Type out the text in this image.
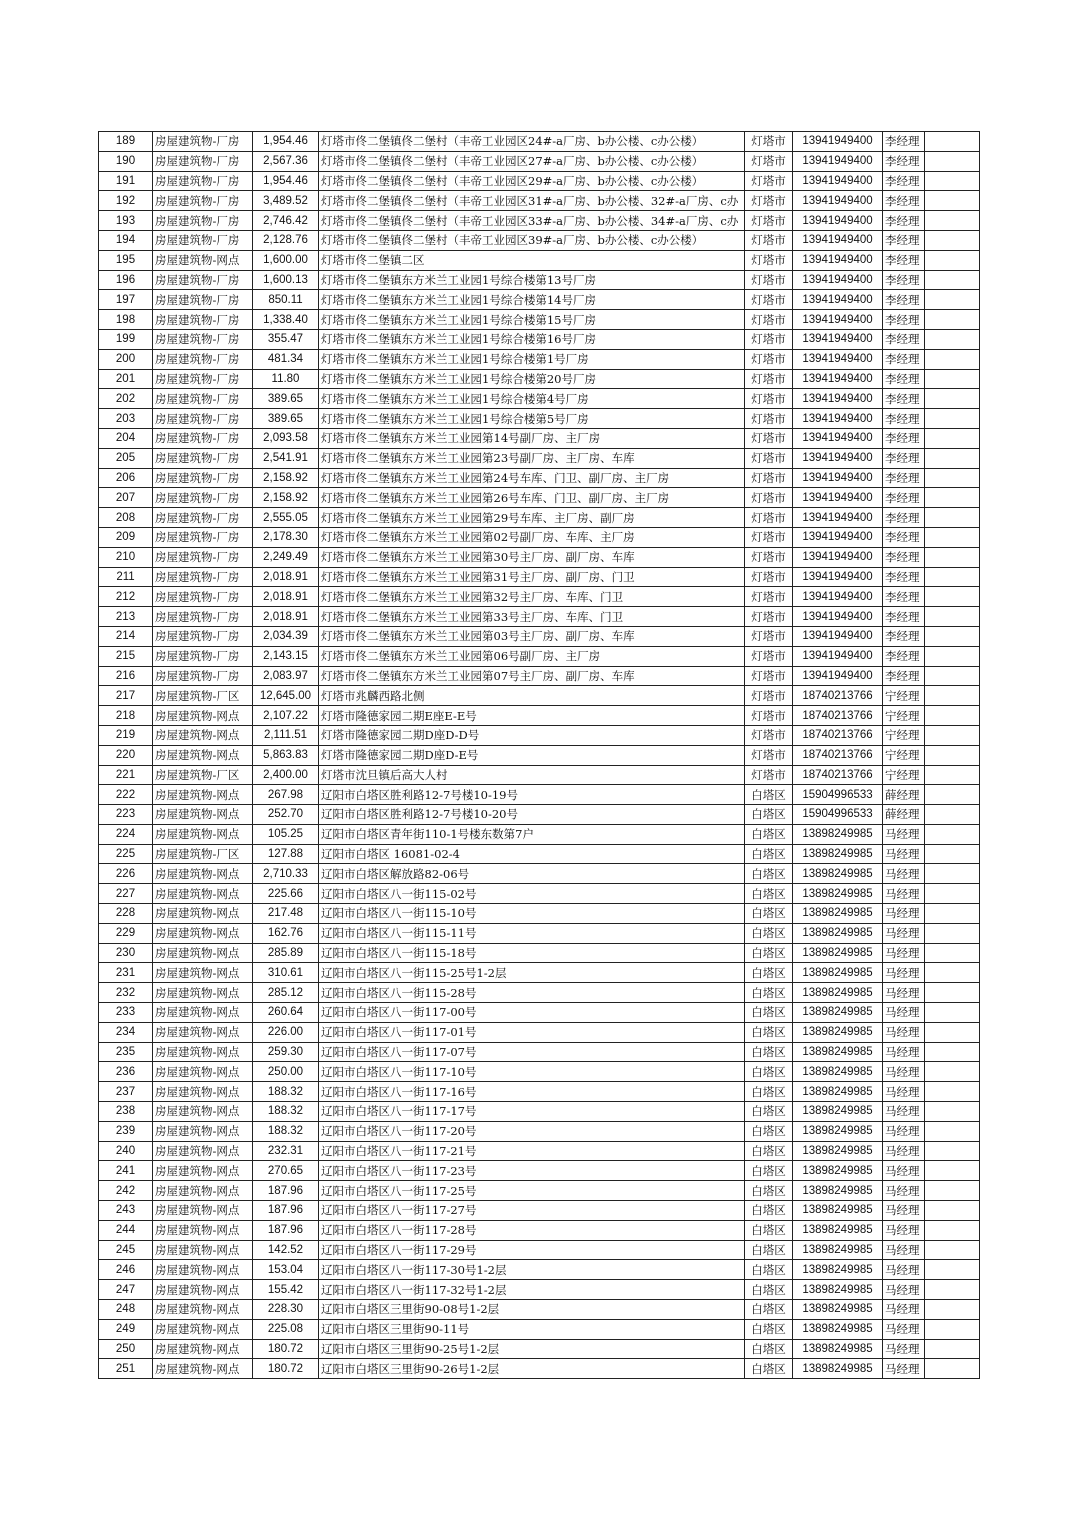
189	房屋建筑物-厂房	1,954.46	灯塔市佟二堡镇佟二堡村（丰帝工业园区24#-a厂房、b办公楼、c办公楼）	灯塔市	13941949400	李经理	
190	房屋建筑物-厂房	2,567.36	灯塔市佟二堡镇佟二堡村（丰帝工业园区27#-a厂房、b办公楼、c办公楼）	灯塔市	13941949400	李经理	
191	房屋建筑物-厂房	1,954.46	灯塔市佟二堡镇佟二堡村（丰帝工业园区29#-a厂房、b办公楼、c办公楼）	灯塔市	13941949400	李经理	
192	房屋建筑物-厂房	3,489.52	灯塔市佟二堡镇佟二堡村（丰帝工业园区31#-a厂房、b办公楼、32#-a厂房、c办	灯塔市	13941949400	李经理	
193	房屋建筑物-厂房	2,746.42	灯塔市佟二堡镇佟二堡村（丰帝工业园区33#-a厂房、b办公楼、34#-a厂房、c办	灯塔市	13941949400	李经理	
194	房屋建筑物-厂房	2,128.76	灯塔市佟二堡镇佟二堡村（丰帝工业园区39#-a厂房、b办公楼、c办公楼）	灯塔市	13941949400	李经理	
195	房屋建筑物-网点	1,600.00	灯塔市佟二堡镇二区	灯塔市	13941949400	李经理	
196	房屋建筑物-厂房	1,600.13	灯塔市佟二堡镇东方米兰工业园1号综合楼第13号厂房	灯塔市	13941949400	李经理	
197	房屋建筑物-厂房	850.11	灯塔市佟二堡镇东方米兰工业园1号综合楼第14号厂房	灯塔市	13941949400	李经理	
198	房屋建筑物-厂房	1,338.40	灯塔市佟二堡镇东方米兰工业园1号综合楼第15号厂房	灯塔市	13941949400	李经理	
199	房屋建筑物-厂房	355.47	灯塔市佟二堡镇东方米兰工业园1号综合楼第16号厂房	灯塔市	13941949400	李经理	
200	房屋建筑物-厂房	481.34	灯塔市佟二堡镇东方米兰工业园1号综合楼第1号厂房	灯塔市	13941949400	李经理	
201	房屋建筑物-厂房	11.80	灯塔市佟二堡镇东方米兰工业园1号综合楼第20号厂房	灯塔市	13941949400	李经理	
202	房屋建筑物-厂房	389.65	灯塔市佟二堡镇东方米兰工业园1号综合楼第4号厂房	灯塔市	13941949400	李经理	
203	房屋建筑物-厂房	389.65	灯塔市佟二堡镇东方米兰工业园1号综合楼第5号厂房	灯塔市	13941949400	李经理	
204	房屋建筑物-厂房	2,093.58	灯塔市佟二堡镇东方米兰工业园第14号副厂房、主厂房	灯塔市	13941949400	李经理	
205	房屋建筑物-厂房	2,541.91	灯塔市佟二堡镇东方米兰工业园第23号副厂房、主厂房、车库	灯塔市	13941949400	李经理	
206	房屋建筑物-厂房	2,158.92	灯塔市佟二堡镇东方米兰工业园第24号车库、门卫、副厂房、主厂房	灯塔市	13941949400	李经理	
207	房屋建筑物-厂房	2,158.92	灯塔市佟二堡镇东方米兰工业园第26号车库、门卫、副厂房、主厂房	灯塔市	13941949400	李经理	
208	房屋建筑物-厂房	2,555.05	灯塔市佟二堡镇东方米兰工业园第29号车库、主厂房、副厂房	灯塔市	13941949400	李经理	
209	房屋建筑物-厂房	2,178.30	灯塔市佟二堡镇东方米兰工业园第02号副厂房、车库、主厂房	灯塔市	13941949400	李经理	
210	房屋建筑物-厂房	2,249.49	灯塔市佟二堡镇东方米兰工业园第30号主厂房、副厂房、车库	灯塔市	13941949400	李经理	
211	房屋建筑物-厂房	2,018.91	灯塔市佟二堡镇东方米兰工业园第31号主厂房、副厂房、门卫	灯塔市	13941949400	李经理	
212	房屋建筑物-厂房	2,018.91	灯塔市佟二堡镇东方米兰工业园第32号主厂房、车库、门卫	灯塔市	13941949400	李经理	
213	房屋建筑物-厂房	2,018.91	灯塔市佟二堡镇东方米兰工业园第33号主厂房、车库、门卫	灯塔市	13941949400	李经理	
214	房屋建筑物-厂房	2,034.39	灯塔市佟二堡镇东方米兰工业园第03号主厂房、副厂房、车库	灯塔市	13941949400	李经理	
215	房屋建筑物-厂房	2,143.15	灯塔市佟二堡镇东方米兰工业园第06号副厂房、主厂房	灯塔市	13941949400	李经理	
216	房屋建筑物-厂房	2,083.97	灯塔市佟二堡镇东方米兰工业园第07号主厂房、副厂房、车库	灯塔市	13941949400	李经理	
217	房屋建筑物-厂区	12,645.00	灯塔市兆麟西路北侧	灯塔市	18740213766	宁经理	
218	房屋建筑物-网点	2,107.22	灯塔市隆德家园二期E座E-E号	灯塔市	18740213766	宁经理	
219	房屋建筑物-网点	2,111.51	灯塔市隆德家园二期D座D-D号	灯塔市	18740213766	宁经理	
220	房屋建筑物-网点	5,863.83	灯塔市隆德家园二期D座D-E号	灯塔市	18740213766	宁经理	
221	房屋建筑物-厂区	2,400.00	灯塔市沈旦镇后高大人村	灯塔市	18740213766	宁经理	
222	房屋建筑物-网点	267.98	辽阳市白塔区胜利路12-7号楼10-19号	白塔区	15904996533	薛经理	
223	房屋建筑物-网点	252.70	辽阳市白塔区胜利路12-7号楼10-20号	白塔区	15904996533	薛经理	
224	房屋建筑物-网点	105.25	辽阳市白塔区青年街110-1号楼东数第7户	白塔区	13898249985	马经理	
225	房屋建筑物-厂区	127.88	辽阳市白塔区 16081-02-4	白塔区	13898249985	马经理	
226	房屋建筑物-网点	2,710.33	辽阳市白塔区解放路82-06号	白塔区	13898249985	马经理	
227	房屋建筑物-网点	225.66	辽阳市白塔区八一街115-02号	白塔区	13898249985	马经理	
228	房屋建筑物-网点	217.48	辽阳市白塔区八一街115-10号	白塔区	13898249985	马经理	
229	房屋建筑物-网点	162.76	辽阳市白塔区八一街115-11号	白塔区	13898249985	马经理	
230	房屋建筑物-网点	285.89	辽阳市白塔区八一街115-18号	白塔区	13898249985	马经理	
231	房屋建筑物-网点	310.61	辽阳市白塔区八一街115-25号1-2层	白塔区	13898249985	马经理	
232	房屋建筑物-网点	285.12	辽阳市白塔区八一街115-28号	白塔区	13898249985	马经理	
233	房屋建筑物-网点	260.64	辽阳市白塔区八一街117-00号	白塔区	13898249985	马经理	
234	房屋建筑物-网点	226.00	辽阳市白塔区八一街117-01号	白塔区	13898249985	马经理	
235	房屋建筑物-网点	259.30	辽阳市白塔区八一街117-07号	白塔区	13898249985	马经理	
236	房屋建筑物-网点	250.00	辽阳市白塔区八一街117-10号	白塔区	13898249985	马经理	
237	房屋建筑物-网点	188.32	辽阳市白塔区八一街117-16号	白塔区	13898249985	马经理	
238	房屋建筑物-网点	188.32	辽阳市白塔区八一街117-17号	白塔区	13898249985	马经理	
239	房屋建筑物-网点	188.32	辽阳市白塔区八一街117-20号	白塔区	13898249985	马经理	
240	房屋建筑物-网点	232.31	辽阳市白塔区八一街117-21号	白塔区	13898249985	马经理	
241	房屋建筑物-网点	270.65	辽阳市白塔区八一街117-23号	白塔区	13898249985	马经理	
242	房屋建筑物-网点	187.96	辽阳市白塔区八一街117-25号	白塔区	13898249985	马经理	
243	房屋建筑物-网点	187.96	辽阳市白塔区八一街117-27号	白塔区	13898249985	马经理	
244	房屋建筑物-网点	187.96	辽阳市白塔区八一街117-28号	白塔区	13898249985	马经理	
245	房屋建筑物-网点	142.52	辽阳市白塔区八一街117-29号	白塔区	13898249985	马经理	
246	房屋建筑物-网点	153.04	辽阳市白塔区八一街117-30号1-2层	白塔区	13898249985	马经理	
247	房屋建筑物-网点	155.42	辽阳市白塔区八一街117-32号1-2层	白塔区	13898249985	马经理	
248	房屋建筑物-网点	228.30	辽阳市白塔区三里街90-08号1-2层	白塔区	13898249985	马经理	
249	房屋建筑物-网点	225.08	辽阳市白塔区三里街90-11号	白塔区	13898249985	马经理	
250	房屋建筑物-网点	180.72	辽阳市白塔区三里街90-25号1-2层	白塔区	13898249985	马经理	
251	房屋建筑物-网点	180.72	辽阳市白塔区三里街90-26号1-2层	白塔区	13898249985	马经理	
